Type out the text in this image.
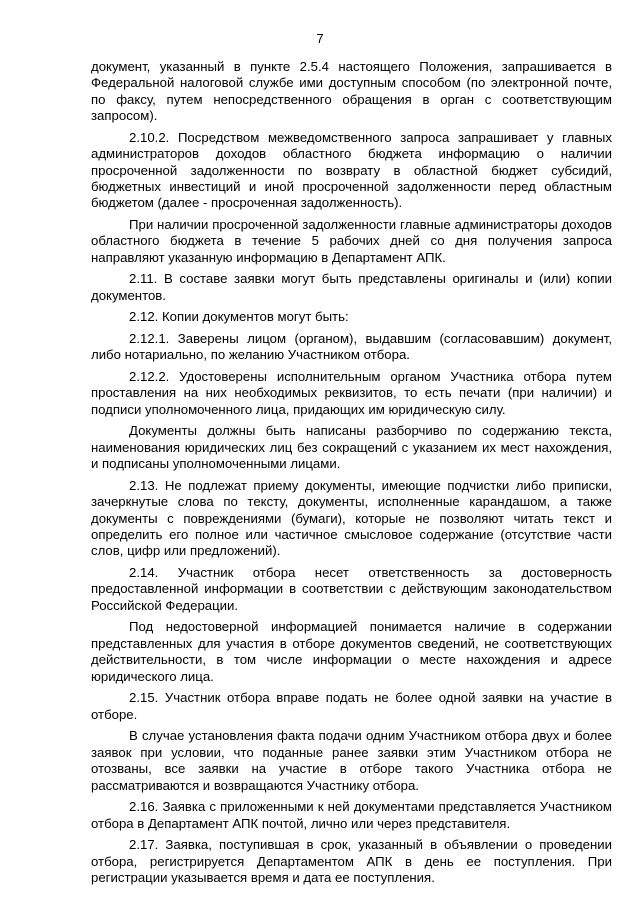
7

документ, указанный в пункте 2.5.4 настоящего Положения, запрашивается в Федеральной налоговой службе ими доступным способом (по электронной почте, по факсу, путем непосредственного обращения в орган с соответствующим запросом).

2.10.2. Посредством межведомственного запроса запрашивает у главных администраторов доходов областного бюджета информацию о наличии просроченной задолженности по возврату в областной бюджет субсидий, бюджетных инвестиций и иной просроченной задолженности перед областным бюджетом (далее - просроченная задолженность).

При наличии просроченной задолженности главные администраторы доходов областного бюджета в течение 5 рабочих дней со дня получения запроса направляют указанную информацию в Департамент АПК.

2.11. В составе заявки могут быть представлены оригиналы и (или) копии документов.

2.12. Копии документов могут быть:

2.12.1. Заверены лицом (органом), выдавшим (согласовавшим) документ, либо нотариально, по желанию Участником отбора.

2.12.2. Удостоверены исполнительным органом Участника отбора путем проставления на них необходимых реквизитов, то есть печати (при наличии) и подписи уполномоченного лица, придающих им юридическую силу.

Документы должны быть написаны разборчиво по содержанию текста, наименования юридических лиц без сокращений с указанием их мест нахождения, и подписаны уполномоченными лицами.

2.13. Не подлежат приему документы, имеющие подчистки либо приписки, зачеркнутые слова по тексту, документы, исполненные карандашом, а также документы с повреждениями (бумаги), которые не позволяют читать текст и определить его полное или частичное смысловое содержание (отсутствие части слов, цифр или предложений).

2.14. Участник отбора несет ответственность за достоверность предоставленной информации в соответствии с действующим законодательством Российской Федерации.

Под недостоверной информацией понимается наличие в содержании представленных для участия в отборе документов сведений, не соответствующих действительности, в том числе информации о месте нахождения и адресе юридического лица.

2.15. Участник отбора вправе подать не более одной заявки на участие в отборе.

В случае установления факта подачи одним Участником отбора двух и более заявок при условии, что поданные ранее заявки этим Участником отбора не отозваны, все заявки на участие в отборе такого Участника отбора не рассматриваются и возвращаются Участнику отбора.

2.16. Заявка с приложенными к ней документами представляется Участником отбора в Департамент АПК почтой, лично или через представителя.

2.17. Заявка, поступившая в срок, указанный в объявлении о проведении отбора, регистрируется Департаментом АПК в день ее поступления. При регистрации указывается время и дата ее поступления.
